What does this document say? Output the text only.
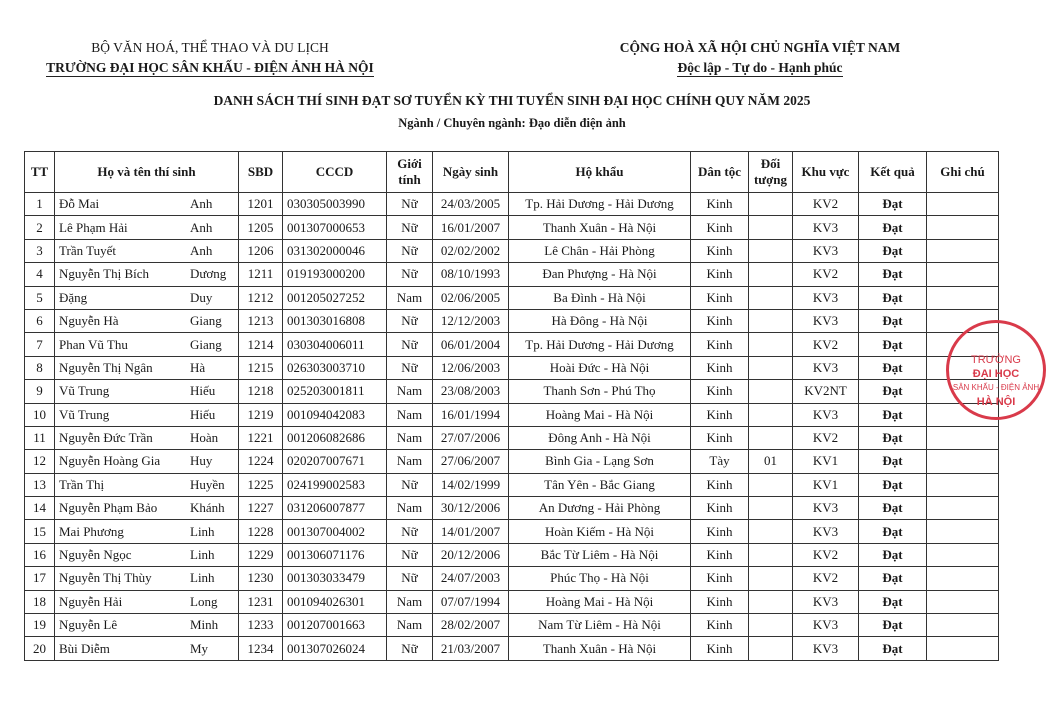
BỘ VĂN HOÁ, THỂ THAO VÀ DU LỊCH
TRƯỜNG ĐẠI HỌC SÂN KHẤU - ĐIỆN ẢNH HÀ NỘI
CỘNG HOÀ XÃ HỘI CHỦ NGHĨA VIỆT NAM
Độc lập - Tự do - Hạnh phúc
DANH SÁCH THÍ SINH ĐẠT SƠ TUYỂN KỲ THI TUYỂN SINH ĐẠI HỌC CHÍNH QUY NĂM 2025
Ngành / Chuyên ngành: Đạo diễn điện ảnh
TT	Họ và tên thí sinh	SBD	CCCD	Giới tính	Ngày sinh	Hộ khẩu	Dân tộc	Đối tượng	Khu vực	Kết quả	Ghi chú
1	Đỗ Mai Anh	1201	030305003990	Nữ	24/03/2005	Tp. Hải Dương - Hải Dương	Kinh		KV2	Đạt	
2	Lê Phạm Hải Anh	1205	001307000653	Nữ	16/01/2007	Thanh Xuân - Hà Nội	Kinh		KV3	Đạt	
3	Trần Tuyết Anh	1206	031302000046	Nữ	02/02/2002	Lê Chân - Hải Phòng	Kinh		KV3	Đạt	
4	Nguyễn Thị Bích Dương	1211	019193000200	Nữ	08/10/1993	Đan Phượng - Hà Nội	Kinh		KV2	Đạt	
5	Đặng Duy	1212	001205027252	Nam	02/06/2005	Ba Đình - Hà Nội	Kinh		KV3	Đạt	
6	Nguyễn Hà Giang	1213	001303016808	Nữ	12/12/2003	Hà Đông - Hà Nội	Kinh		KV3	Đạt	
7	Phan Vũ Thu Giang	1214	030304006011	Nữ	06/01/2004	Tp. Hải Dương - Hải Dương	Kinh		KV2	Đạt	
8	Nguyễn Thị Ngân Hà	1215	026303003710	Nữ	12/06/2003	Hoài Đức - Hà Nội	Kinh		KV3	Đạt	
9	Vũ Trung Hiếu	1218	025203001811	Nam	23/08/2003	Thanh Sơn - Phú Thọ	Kinh		KV2NT	Đạt	
10	Vũ Trung Hiếu	1219	001094042083	Nam	16/01/1994	Hoàng Mai - Hà Nội	Kinh		KV3	Đạt	
11	Nguyễn Đức Trần Hoàn	1221	001206082686	Nam	27/07/2006	Đông Anh - Hà Nội	Kinh		KV2	Đạt	
12	Nguyễn Hoàng Gia Huy	1224	020207007671	Nam	27/06/2007	Bình Gia - Lạng Sơn	Tày	01	KV1	Đạt	
13	Trần Thị Huyền	1225	024199002583	Nữ	14/02/1999	Tân Yên - Bắc Giang	Kinh		KV1	Đạt	
14	Nguyễn Phạm Bảo Khánh	1227	031206007877	Nam	30/12/2006	An Dương - Hải Phòng	Kinh		KV3	Đạt	
15	Mai Phương Linh	1228	001307004002	Nữ	14/01/2007	Hoàn Kiếm - Hà Nội	Kinh		KV3	Đạt	
16	Nguyễn Ngọc Linh	1229	001306071176	Nữ	20/12/2006	Bắc Từ Liêm - Hà Nội	Kinh		KV2	Đạt	
17	Nguyễn Thị Thùy Linh	1230	001303033479	Nữ	24/07/2003	Phúc Thọ - Hà Nội	Kinh		KV2	Đạt	
18	Nguyễn Hải Long	1231	001094026301	Nam	07/07/1994	Hoàng Mai - Hà Nội	Kinh		KV3	Đạt	
19	Nguyễn Lê Minh	1233	001207001663	Nam	28/02/2007	Nam Từ Liêm - Hà Nội	Kinh		KV3	Đạt	
20	Bùi Diễm My	1234	001307026024	Nữ	21/03/2007	Thanh Xuân - Hà Nội	Kinh		KV3	Đạt	
TRƯỜNG
ĐẠI HỌC
SÂN KHẤU - ĐIỆN ẢNH
HÀ NỘI
